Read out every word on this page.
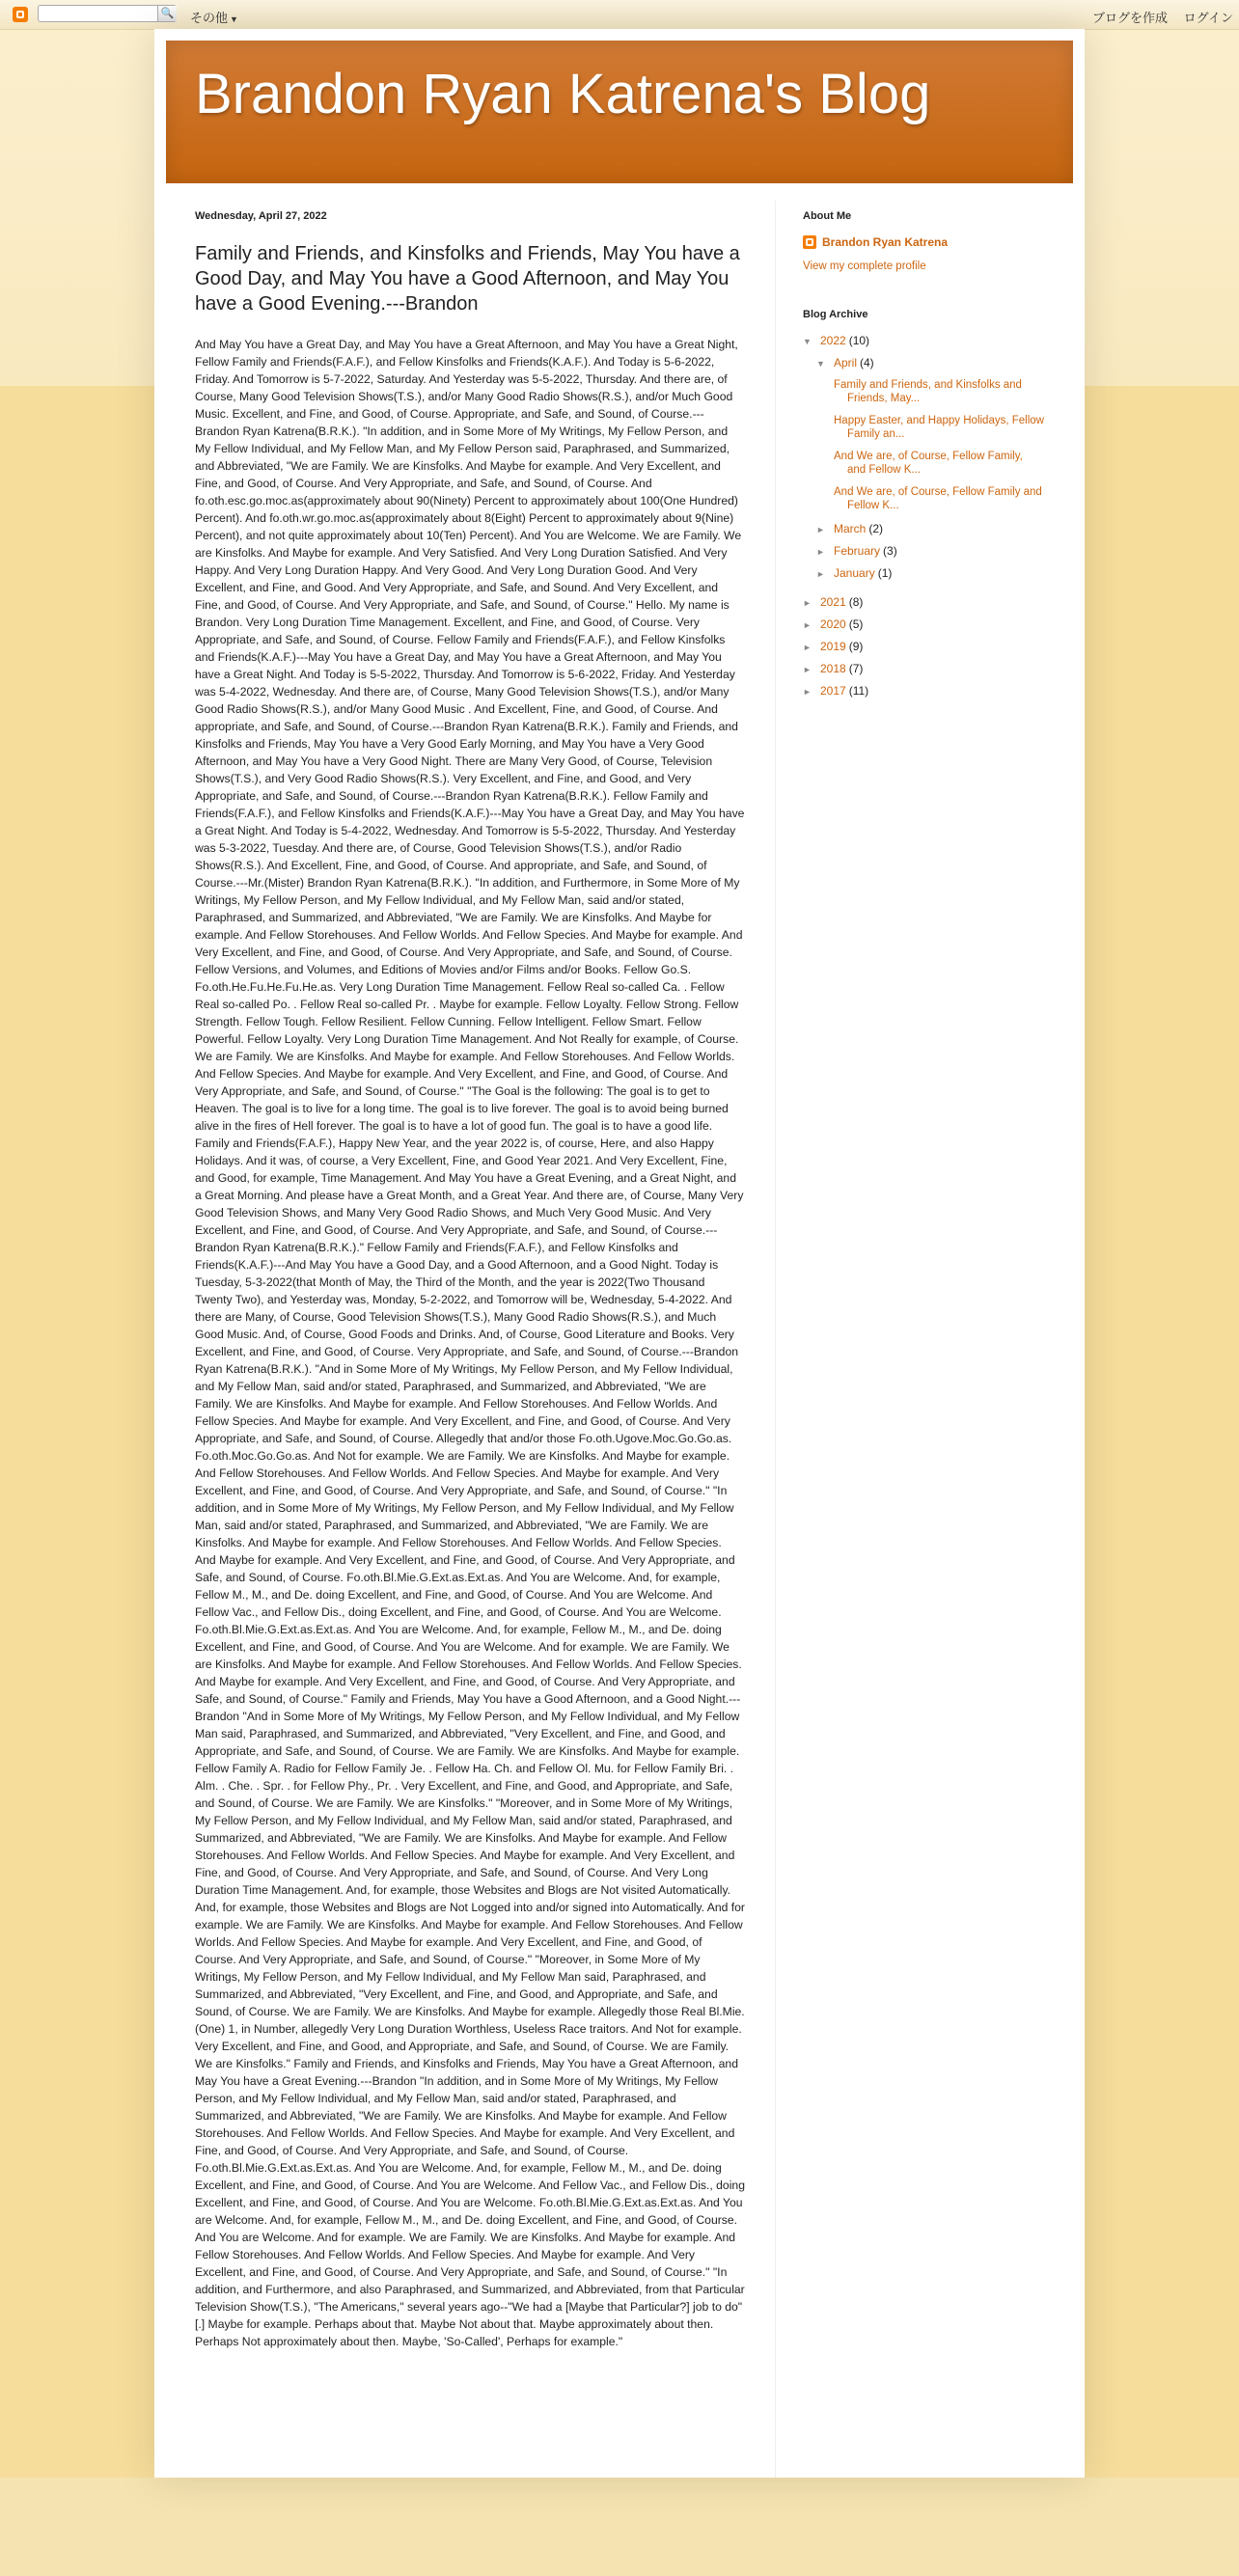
🔍 その他 ▼	ブログを作成 ログイン
Brandon Ryan Katrena's Blog
Wednesday, April 27, 2022
Family and Friends, and Kinsfolks and Friends, May You have a Good Day, and May You have a Good Afternoon, and May You have a Good Evening.---Brandon
And May You have a Great Day, and May You have a Great Afternoon, and May You have a Great Night, Fellow Family and Friends(F.A.F.), and Fellow Kinsfolks and Friends(K.A.F.). And Today is 5-6-2022, Friday. And Tomorrow is 5-7-2022, Saturday. And Yesterday was 5-5-2022, Thursday. And there are, of Course, Many Good Television Shows(T.S.), and/or Many Good Radio Shows(R.S.), and/or Much Good Music. Excellent, and Fine, and Good, of Course. Appropriate, and Safe, and Sound, of Course.---Brandon Ryan Katrena(B.R.K.). "In addition, and in Some More of My Writings, My Fellow Person, and My Fellow Individual, and My Fellow Man, and My Fellow Person said, Paraphrased, and Summarized, and Abbreviated, "We are Family. We are Kinsfolks. And Maybe for example. And Very Excellent, and Fine, and Good, of Course. And Very Appropriate, and Safe, and Sound, of Course. And fo.oth.esc.go.moc.as(approximately about 90(Ninety) Percent to approximately about 100(One Hundred) Percent). And fo.oth.wr.go.moc.as(approximately about 8(Eight) Percent to approximately about 9(Nine) Percent), and not quite approximately about 10(Ten) Percent). And You are Welcome. We are Family. We are Kinsfolks. And Maybe for example. And Very Satisfied. And Very Long Duration Satisfied. And Very Happy. And Very Long Duration Happy. And Very Good. And Very Long Duration Good. And Very Excellent, and Fine, and Good. And Very Appropriate, and Safe, and Sound. And Very Excellent, and Fine, and Good, of Course. And Very Appropriate, and Safe, and Sound, of Course." Hello. My name is Brandon. Very Long Duration Time Management. Excellent, and Fine, and Good, of Course. Very Appropriate, and Safe, and Sound, of Course. Fellow Family and Friends(F.A.F.), and Fellow Kinsfolks and Friends(K.A.F.)---May You have a Great Day, and May You have a Great Afternoon, and May You have a Great Night. And Today is 5-5-2022, Thursday. And Tomorrow is 5-6-2022, Friday. And Yesterday was 5-4-2022, Wednesday. And there are, of Course, Many Good Television Shows(T.S.), and/or Many Good Radio Shows(R.S.), and/or Many Good Music . And Excellent, Fine, and Good, of Course. And appropriate, and Safe, and Sound, of Course.---Brandon Ryan Katrena(B.R.K.). Family and Friends, and Kinsfolks and Friends, May You have a Very Good Early Morning, and May You have a Very Good Afternoon, and May You have a Very Good Night. There are Many Very Good, of Course, Television Shows(T.S.), and Very Good Radio Shows(R.S.). Very Excellent, and Fine, and Good, and Very Appropriate, and Safe, and Sound, of Course.---Brandon Ryan Katrena(B.R.K.). Fellow Family and Friends(F.A.F.), and Fellow Kinsfolks and Friends(K.A.F.)---May You have a Great Day, and May You have a Great Night. And Today is 5-4-2022, Wednesday. And Tomorrow is 5-5-2022, Thursday. And Yesterday was 5-3-2022, Tuesday. And there are, of Course, Good Television Shows(T.S.), and/or Radio Shows(R.S.). And Excellent, Fine, and Good, of Course. And appropriate, and Safe, and Sound, of Course.---Mr.(Mister) Brandon Ryan Katrena(B.R.K.). "In addition, and Furthermore, in Some More of My Writings, My Fellow Person, and My Fellow Individual, and My Fellow Man, said and/or stated, Paraphrased, and Summarized, and Abbreviated, "We are Family. We are Kinsfolks. And Maybe for example. And Fellow Storehouses. And Fellow Worlds. And Fellow Species. And Maybe for example. And Very Excellent, and Fine, and Good, of Course. And Very Appropriate, and Safe, and Sound, of Course. Fellow Versions, and Volumes, and Editions of Movies and/or Films and/or Books. Fellow Go.S. Fo.oth.He.Fu.He.Fu.He.as. Very Long Duration Time Management. Fellow Real so-called Ca. . Fellow Real so-called Po. . Fellow Real so-called Pr. . Maybe for example. Fellow Loyalty. Fellow Strong. Fellow Strength. Fellow Tough. Fellow Resilient. Fellow Cunning. Fellow Intelligent. Fellow Smart. Fellow Powerful. Fellow Loyalty. Very Long Duration Time Management. And Not Really for example, of Course. We are Family. We are Kinsfolks. And Maybe for example. And Fellow Storehouses. And Fellow Worlds. And Fellow Species. And Maybe for example. And Very Excellent, and Fine, and Good, of Course. And Very Appropriate, and Safe, and Sound, of Course." "The Goal is the following: The goal is to get to Heaven. The goal is to live for a long time. The goal is to live forever. The goal is to avoid being burned alive in the fires of Hell forever. The goal is to have a lot of good fun. The goal is to have a good life. Family and Friends(F.A.F.), Happy New Year, and the year 2022 is, of course, Here, and also Happy Holidays. And it was, of course, a Very Excellent, Fine, and Good Year 2021. And Very Excellent, Fine, and Good, for example, Time Management. And May You have a Great Evening, and a Great Night, and a Great Morning. And please have a Great Month, and a Great Year. And there are, of Course, Many Very Good Television Shows, and Many Very Good Radio Shows, and Much Very Good Music. And Very Excellent, and Fine, and Good, of Course. And Very Appropriate, and Safe, and Sound, of Course.---Brandon Ryan Katrena(B.R.K.)." Fellow Family and Friends(F.A.F.), and Fellow Kinsfolks and Friends(K.A.F.)---And May You have a Good Day, and a Good Afternoon, and a Good Night. Today is Tuesday, 5-3-2022(that Month of May, the Third of the Month, and the year is 2022(Two Thousand Twenty Two), and Yesterday was, Monday, 5-2-2022, and Tomorrow will be, Wednesday, 5-4-2022. And there are Many, of Course, Good Television Shows(T.S.), Many Good Radio Shows(R.S.), and Much Good Music. And, of Course, Good Foods and Drinks. And, of Course, Good Literature and Books. Very Excellent, and Fine, and Good, of Course. Very Appropriate, and Safe, and Sound, of Course.---Brandon Ryan Katrena(B.R.K.). "And in Some More of My Writings, My Fellow Person, and My Fellow Individual, and My Fellow Man, said and/or stated, Paraphrased, and Summarized, and Abbreviated, "We are Family. We are Kinsfolks. And Maybe for example. And Fellow Storehouses. And Fellow Worlds. And Fellow Species. And Maybe for example. And Very Excellent, and Fine, and Good, of Course. And Very Appropriate, and Safe, and Sound, of Course. Allegedly that and/or those Fo.oth.Ugove.Moc.Go.Go.as. Fo.oth.Moc.Go.Go.as. And Not for example. We are Family. We are Kinsfolks. And Maybe for example. And Fellow Storehouses. And Fellow Worlds. And Fellow Species. And Maybe for example. And Very Excellent, and Fine, and Good, of Course. And Very Appropriate, and Safe, and Sound, of Course." "In addition, and in Some More of My Writings, My Fellow Person, and My Fellow Individual, and My Fellow Man, said and/or stated, Paraphrased, and Summarized, and Abbreviated, "We are Family. We are Kinsfolks. And Maybe for example. And Fellow Storehouses. And Fellow Worlds. And Fellow Species. And Maybe for example. And Very Excellent, and Fine, and Good, of Course. And Very Appropriate, and Safe, and Sound, of Course. Fo.oth.Bl.Mie.G.Ext.as.Ext.as. And You are Welcome. And, for example, Fellow M., M., and De. doing Excellent, and Fine, and Good, of Course. And You are Welcome. And Fellow Vac., and Fellow Dis., doing Excellent, and Fine, and Good, of Course. And You are Welcome. Fo.oth.Bl.Mie.G.Ext.as.Ext.as. And You are Welcome. And, for example, Fellow M., M., and De. doing Excellent, and Fine, and Good, of Course. And You are Welcome. And for example. We are Family. We are Kinsfolks. And Maybe for example. And Fellow Storehouses. And Fellow Worlds. And Fellow Species. And Maybe for example. And Very Excellent, and Fine, and Good, of Course. And Very Appropriate, and Safe, and Sound, of Course." Family and Friends, May You have a Good Afternoon, and a Good Night.---Brandon "And in Some More of My Writings, My Fellow Person, and My Fellow Individual, and My Fellow Man said, Paraphrased, and Summarized, and Abbreviated, "Very Excellent, and Fine, and Good, and Appropriate, and Safe, and Sound, of Course. We are Family. We are Kinsfolks. And Maybe for example. Fellow Family A. Radio for Fellow Family Je. . Fellow Ha. Ch. and Fellow Ol. Mu. for Fellow Family Bri. . Alm. . Che. . Spr. . for Fellow Phy., Pr. . Very Excellent, and Fine, and Good, and Appropriate, and Safe, and Sound, of Course. We are Family. We are Kinsfolks." "Moreover, and in Some More of My Writings, My Fellow Person, and My Fellow Individual, and My Fellow Man, said and/or stated, Paraphrased, and Summarized, and Abbreviated, "We are Family. We are Kinsfolks. And Maybe for example. And Fellow Storehouses. And Fellow Worlds. And Fellow Species. And Maybe for example. And Very Excellent, and Fine, and Good, of Course. And Very Appropriate, and Safe, and Sound, of Course. And Very Long Duration Time Management. And, for example, those Websites and Blogs are Not visited Automatically. And, for example, those Websites and Blogs are Not Logged into and/or signed into Automatically. And for example. We are Family. We are Kinsfolks. And Maybe for example. And Fellow Storehouses. And Fellow Worlds. And Fellow Species. And Maybe for example. And Very Excellent, and Fine, and Good, of Course. And Very Appropriate, and Safe, and Sound, of Course." "Moreover, in Some More of My Writings, My Fellow Person, and My Fellow Individual, and My Fellow Man said, Paraphrased, and Summarized, and Abbreviated, "Very Excellent, and Fine, and Good, and Appropriate, and Safe, and Sound, of Course. We are Family. We are Kinsfolks. And Maybe for example. Allegedly those Real Bl.Mie.(One) 1, in Number, allegedly Very Long Duration Worthless, Useless Race traitors. And Not for example. Very Excellent, and Fine, and Good, and Appropriate, and Safe, and Sound, of Course. We are Family. We are Kinsfolks." Family and Friends, and Kinsfolks and Friends, May You have a Great Afternoon, and May You have a Great Evening.---Brandon "In addition, and in Some More of My Writings, My Fellow Person, and My Fellow Individual, and My Fellow Man, said and/or stated, Paraphrased, and Summarized, and Abbreviated, "We are Family. We are Kinsfolks. And Maybe for example. And Fellow Storehouses. And Fellow Worlds. And Fellow Species. And Maybe for example. And Very Excellent, and Fine, and Good, of Course. And Very Appropriate, and Safe, and Sound, of Course. Fo.oth.Bl.Mie.G.Ext.as.Ext.as. And You are Welcome. And, for example, Fellow M., M., and De. doing Excellent, and Fine, and Good, of Course. And You are Welcome. And Fellow Vac., and Fellow Dis., doing Excellent, and Fine, and Good, of Course. And You are Welcome. Fo.oth.Bl.Mie.G.Ext.as.Ext.as. And You are Welcome. And, for example, Fellow M., M., and De. doing Excellent, and Fine, and Good, of Course. And You are Welcome. And for example. We are Family. We are Kinsfolks. And Maybe for example. And Fellow Storehouses. And Fellow Worlds. And Fellow Species. And Maybe for example. And Very Excellent, and Fine, and Good, of Course. And Very Appropriate, and Safe, and Sound, of Course." "In addition, and Furthermore, and also Paraphrased, and Summarized, and Abbreviated, from that Particular Television Show(T.S.), "The Americans," several years ago--"We had a [Maybe that Particular?] job to do"[.] Maybe for example. Perhaps about that. Maybe Not about that. Maybe approximately about then. Perhaps Not approximately about then. Maybe, 'So-Called', Perhaps for example."
About Me
Brandon Ryan Katrena
View my complete profile
Blog Archive
▼ 2022 (10)
▼ April (4)
Family and Friends, and Kinsfolks and Friends, May...
Happy Easter, and Happy Holidays, Fellow Family an...
And We are, of Course, Fellow Family, and Fellow K...
And We are, of Course, Fellow Family and Fellow K...
► March (2)
► February (3)
► January (1)
► 2021 (8)
► 2020 (5)
► 2019 (9)
► 2018 (7)
► 2017 (11)
